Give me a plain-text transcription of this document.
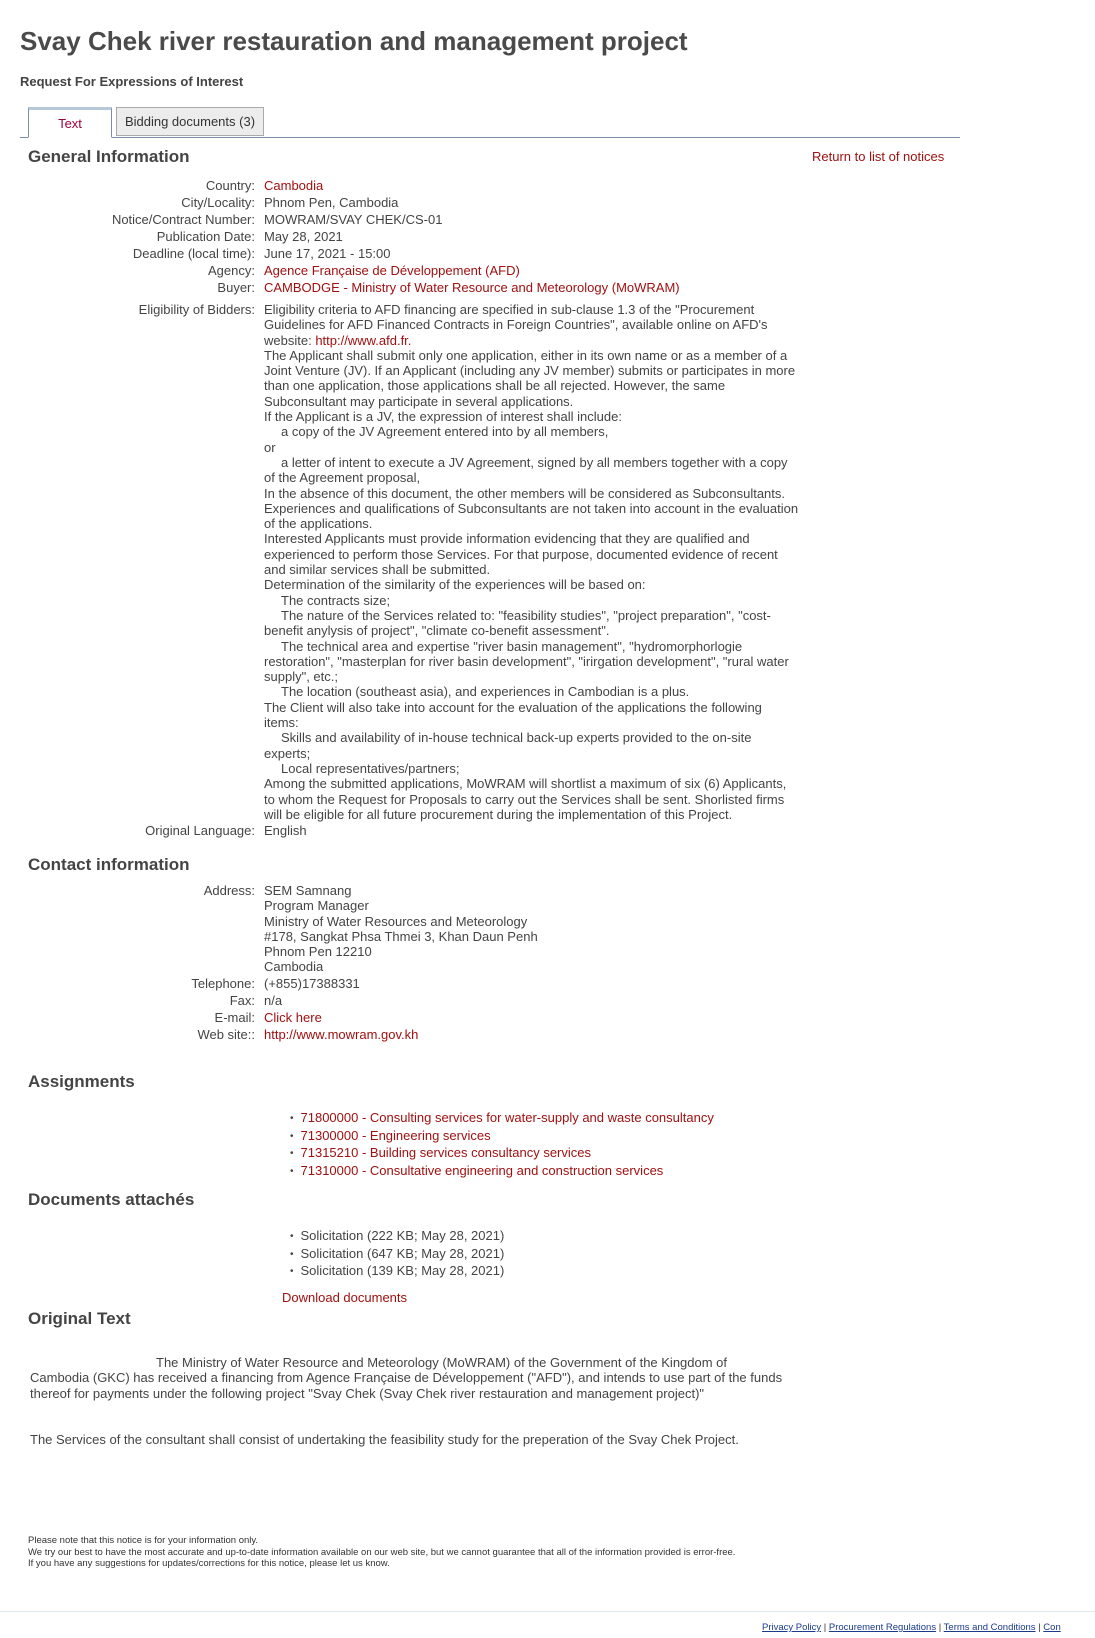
Svay Chek river restauration and management project
Request For Expressions of Interest
Text	Bidding documents (3)
General Information	Return to list of notices
Country: Cambodia
City/Locality: Phnom Pen, Cambodia
Notice/Contract Number: MOWRAM/SVAY CHEK/CS-01
Publication Date: May 28, 2021
Deadline (local time): June 17, 2021 - 15:00
Agency: Agence Française de Développement (AFD)
Buyer: CAMBODGE - Ministry of Water Resource and Meteorology (MoWRAM)
Eligibility of Bidders: Eligibility criteria to AFD financing are specified in sub-clause 1.3 of the "Procurement
Guidelines for AFD Financed Contracts in Foreign Countries", available online on AFD's
website: http://www.afd.fr.
The Applicant shall submit only one application, either in its own name or as a member of a
Joint Venture (JV). If an Applicant (including any JV member) submits or participates in more
than one application, those applications shall be all rejected. However, the same
Subconsultant may participate in several applications.
If the Applicant is a JV, the expression of interest shall include:
a copy of the JV Agreement entered into by all members,
or
a letter of intent to execute a JV Agreement, signed by all members together with a copy
of the Agreement proposal,
In the absence of this document, the other members will be considered as Subconsultants.
Experiences and qualifications of Subconsultants are not taken into account in the evaluation
of the applications.
Interested Applicants must provide information evidencing that they are qualified and
experienced to perform those Services. For that purpose, documented evidence of recent
and similar services shall be submitted.
Determination of the similarity of the experiences will be based on:
The contracts size;
The nature of the Services related to: "feasibility studies", "project preparation", "cost-
benefit anylysis of project", "climate co-benefit assessment".
The technical area and expertise "river basin management", "hydromorphorlogie
restoration", "masterplan for river basin development", "irirgation development", "rural water
supply", etc.;
The location (southeast asia), and experiences in Cambodian is a plus.
The Client will also take into account for the evaluation of the applications the following
items:
Skills and availability of in-house technical back-up experts provided to the on-site
experts;
Local representatives/partners;
Among the submitted applications, MoWRAM will shortlist a maximum of six (6) Applicants,
to whom the Request for Proposals to carry out the Services shall be sent. Shorlisted firms
will be eligible for all future procurement during the implementation of this Project.
Original Language: English
Contact information
Address: SEM Samnang
Program Manager
Ministry of Water Resources and Meteorology
#178, Sangkat Phsa Thmei 3, Khan Daun Penh
Phnom Pen 12210
Cambodia
Telephone: (+855)17388331
Fax: n/a
E-mail: Click here
Web site:: http://www.mowram.gov.kh
Assignments
• 71800000 - Consulting services for water-supply and waste consultancy
• 71300000 - Engineering services
• 71315210 - Building services consultancy services
• 71310000 - Consultative engineering and construction services
Documents attachés
• Solicitation (222 KB; May 28, 2021)
• Solicitation (647 KB; May 28, 2021)
• Solicitation (139 KB; May 28, 2021)
Download documents
Original Text
The Ministry of Water Resource and Meteorology (MoWRAM) of the Government of the Kingdom of
Cambodia (GKC) has received a financing from Agence Française de Développement ("AFD"), and intends to use part of the funds
thereof for payments under the following project "Svay Chek (Svay Chek river restauration and management project)"
The Services of the consultant shall consist of undertaking the feasibility study for the preperation of the Svay Chek Project.
Please note that this notice is for your information only.
We try our best to have the most accurate and up-to-date information available on our web site, but we cannot guarantee that all of the information provided is error-free.
If you have any suggestions for updates/corrections for this notice, please let us know.
Privacy Policy | Procurement Regulations | Terms and Conditions | Con
